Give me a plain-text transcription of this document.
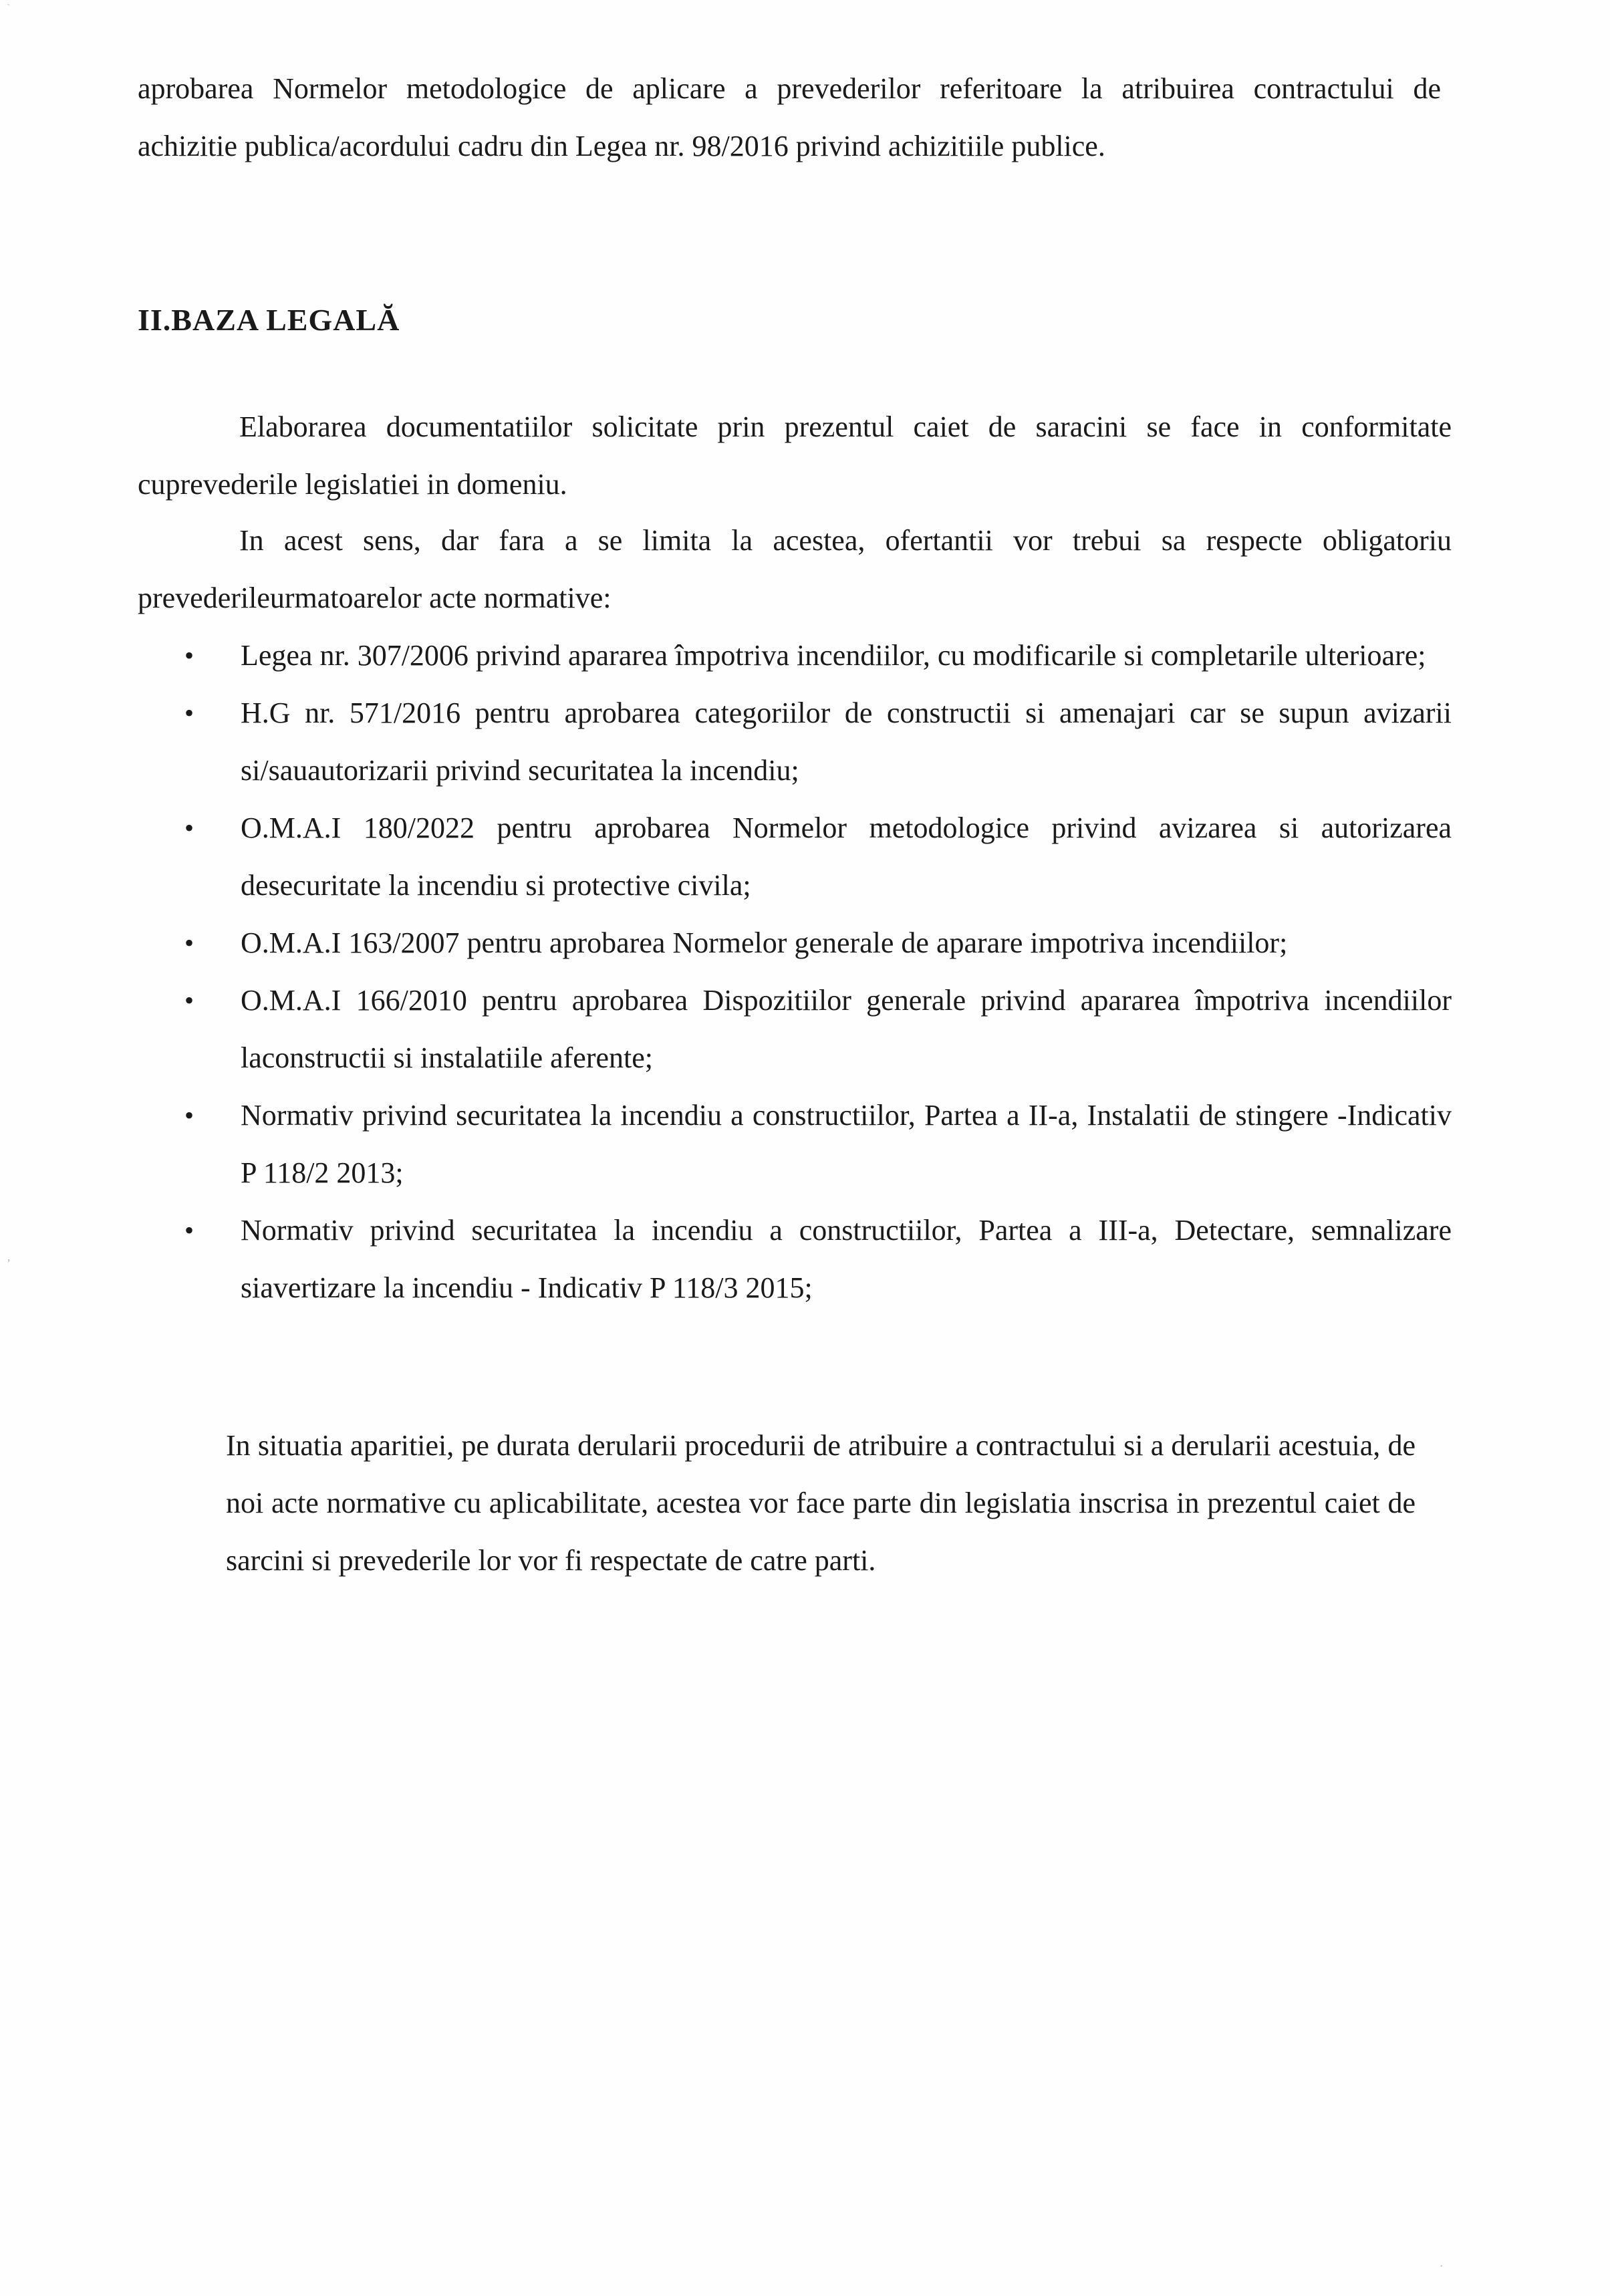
`
aprobarea Normelor metodologice de aplicare a prevederilor referitoare la atribuirea contractului de
achizitie publica/acordului cadru din Legea nr. 98/2016 privind achizitiile publice.
II.BAZA LEGALĂ
Elaborarea documentatiilor solicitate prin prezentul caiet de saracini se face in conformitate
cuprevederile legislatiei in domeniu.
In acest sens, dar fara a se limita la acestea, ofertantii vor trebui sa respecte obligatoriu
prevederileurmatoarelor acte normative:
• Legea nr. 307/2006 privind apararea împotriva incendiilor, cu modificarile si completarile ulterioare;
• H.G nr. 571/2016 pentru aprobarea categoriilor de constructii si amenajari car se supun avizarii si/sauautorizarii privind securitatea la incendiu;
• O.M.A.I 180/2022 pentru aprobarea Normelor metodologice privind avizarea si autorizarea desecuritate la incendiu si protective civila;
• O.M.A.I 163/2007 pentru aprobarea Normelor generale de aparare impotriva incendiilor;
• O.M.A.I 166/2010 pentru aprobarea Dispozitiilor generale privind apararea împotriva incendiilor laconstructii si instalatiile aferente;
• Normativ privind securitatea la incendiu a constructiilor, Partea a II-a, Instalatii de stingere -Indicativ P 118/2 2013;
• Normativ privind securitatea la incendiu a constructiilor, Partea a III-a, Detectare, semnalizare siavertizare la incendiu - Indicativ P 118/3 2015;
In situatia aparitiei, pe durata derularii procedurii de atribuire a contractului si a derularii acestuia, de noi acte normative cu aplicabilitate, acestea vor face parte din legislatia inscrisa in prezentul caiet de sarcini si prevederile lor vor fi respectate de catre parti.
‚
.
